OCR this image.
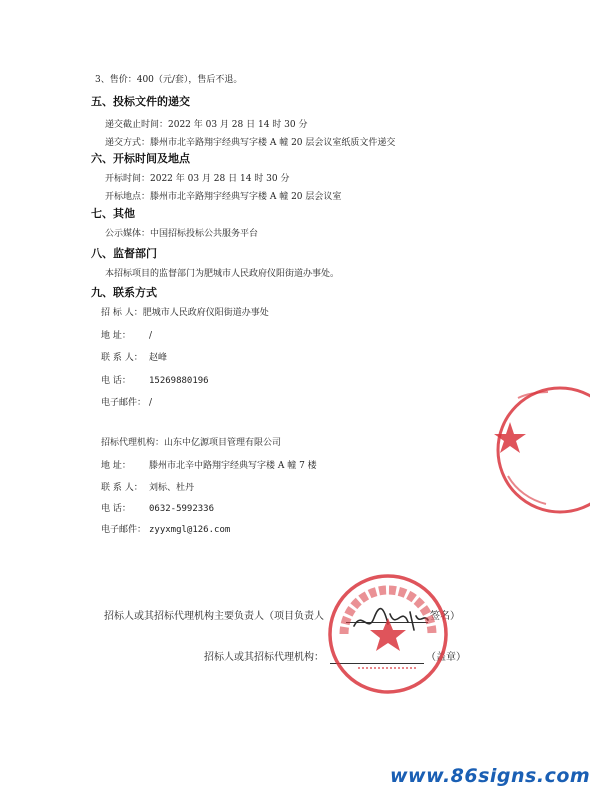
3、售价：400（元/套），售后不退。
五、投标文件的递交
递交截止时间：2022 年 03 月 28 日 14 时 30 分
递交方式：滕州市北辛路翔宇经典写字楼 A 幢 20 层会议室纸质文件递交
六、开标时间及地点
开标时间：2022 年 03 月 28 日 14 时 30 分
开标地点：滕州市北辛路翔宇经典写字楼 A 幢 20 层会议室
七、其他
公示媒体：中国招标投标公共服务平台
八、监督部门
本招标项目的监督部门为肥城市人民政府仪阳街道办事处。
九、联系方式
招 标 人：肥城市人民政府仪阳街道办事处
地 址： /
联 系 人： 赵峰
电 话： 15269880196
电子邮件： /
招标代理机构：山东中亿源项目管理有限公司
地 址： 滕州市北辛中路翔宇经典写字楼 A 幢 7 楼
联 系 人： 刘标、杜丹
电 话： 0632-5992336
电子邮件： zyyxmgl@126.com
招标人或其招标代理机构主要负责人（项目负责人	签名）
招标人或其招标代理机构：	（盖章）
www.86signs.com
